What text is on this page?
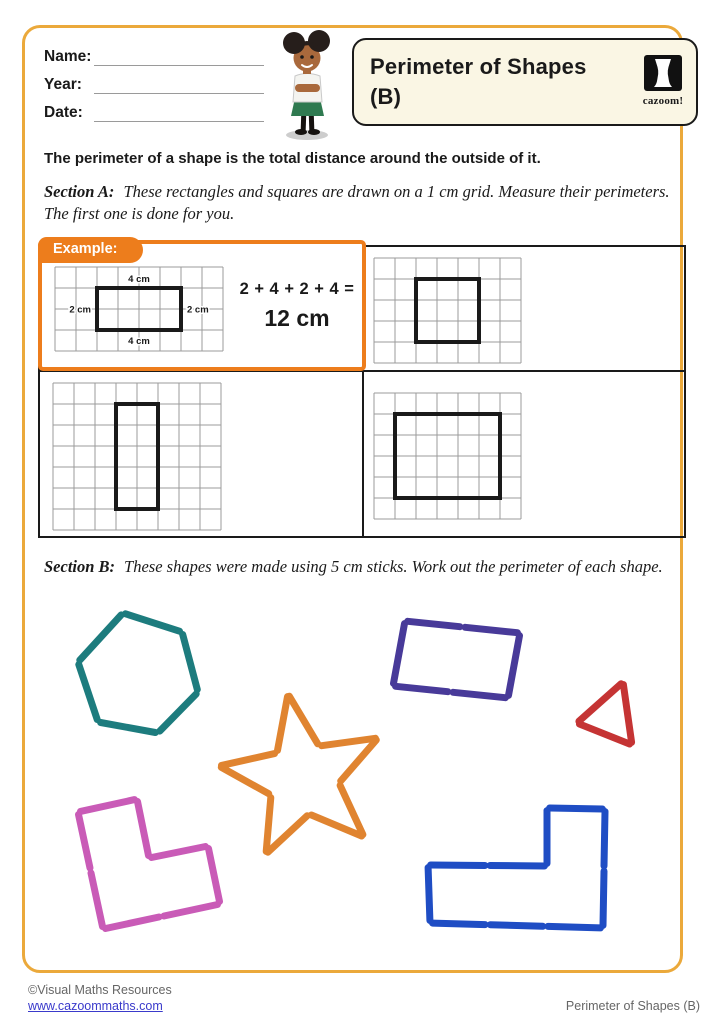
Name:
Year:
Date:
Perimeter of Shapes
(B)	cazoom!

The perimeter of a shape is the total distance around the outside of it.

Section A: These rectangles and squares are drawn on a 1 cm grid. Measure their perimeters. The first one is done for you.

Example:
4 cm
4 cm
2 cm	2 cm
2 + 4 + 2 + 4 =
12 cm

Section B: These shapes were made using 5 cm sticks. Work out the perimeter of each shape.

©Visual Maths Resources
www.cazoommaths.com	Perimeter of Shapes (B)
